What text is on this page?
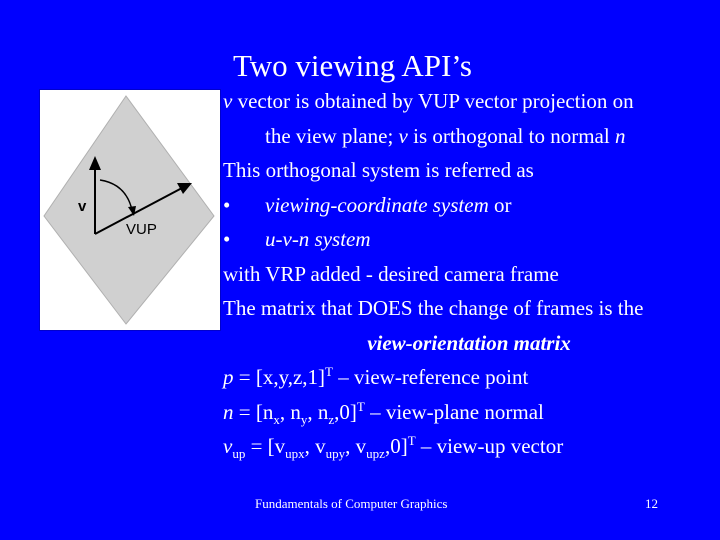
Two viewing API’s
v
VUP
v vector is obtained by VUP vector projection on
the view plane; v is orthogonal to normal n
This orthogonal system is referred as
• viewing-coordinate system or
• u-v-n system
with VRP added - desired camera frame
The matrix that DOES the change of frames is the
view-orientation matrix
$p = [x,y,z,1]^T$ – view-reference point
$n = [n_x$, $n_y$, $n_z,0]^T$ – view-plane normal
$v_{up} = [v_{upx}$, $v_{upy}$, $v_{upz},0]^T$ – view-up vector
Fundamentals of Computer Graphics	12
